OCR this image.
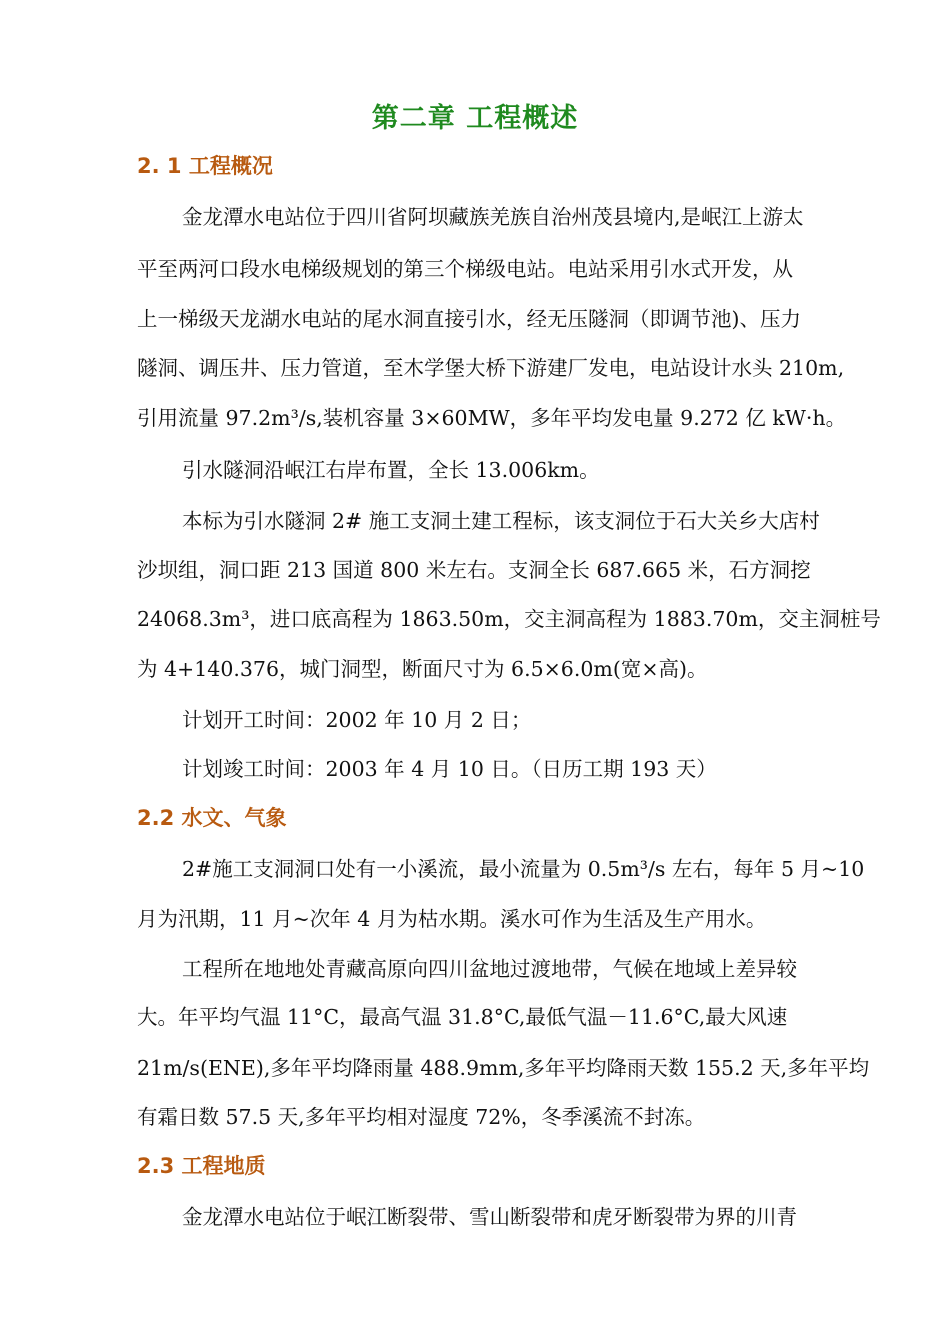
第二章 工程概述
2. 1 工程概况
金龙潭水电站位于四川省阿坝藏族羌族自治州茂县境内,是岷江上游太
平至两河口段水电梯级规划的第三个梯级电站。电站采用引水式开发，从
上一梯级天龙湖水电站的尾水洞直接引水，经无压隧洞（即调节池)、压力
隧洞、调压井、压力管道，至木学堡大桥下游建厂发电，电站设计水头 210m,
引用流量 97.2m³/s,装机容量 3×60MW，多年平均发电量 9.272 亿 kW·h。
引水隧洞沿岷江右岸布置，全长 13.006km。
本标为引水隧洞 2# 施工支洞土建工程标，该支洞位于石大关乡大店村
沙坝组，洞口距 213 国道 800 米左右。支洞全长 687.665 米，石方洞挖
24068.3m³，进口底高程为 1863.50m，交主洞高程为 1883.70m，交主洞桩号
为 4+140.376，城门洞型，断面尺寸为 6.5×6.0m(宽×高)。
计划开工时间：2002 年 10 月 2 日；
计划竣工时间：2003 年 4 月 10 日。（日历工期 193 天）
2.2 水文、气象
2#施工支洞洞口处有一小溪流，最小流量为 0.5m³/s 左右，每年 5 月~10
月为汛期，11 月~次年 4 月为枯水期。溪水可作为生活及生产用水。
工程所在地地处青藏高原向四川盆地过渡地带，气候在地域上差异较
大。年平均气温 11°C，最高气温 31.8°C,最低气温－11.6°C,最大风速
21m/s(ENE),多年平均降雨量 488.9mm,多年平均降雨天数 155.2 天,多年平均
有霜日数 57.5 天,多年平均相对湿度 72%，冬季溪流不封冻。
2.3 工程地质
金龙潭水电站位于岷江断裂带、雪山断裂带和虎牙断裂带为界的川青
